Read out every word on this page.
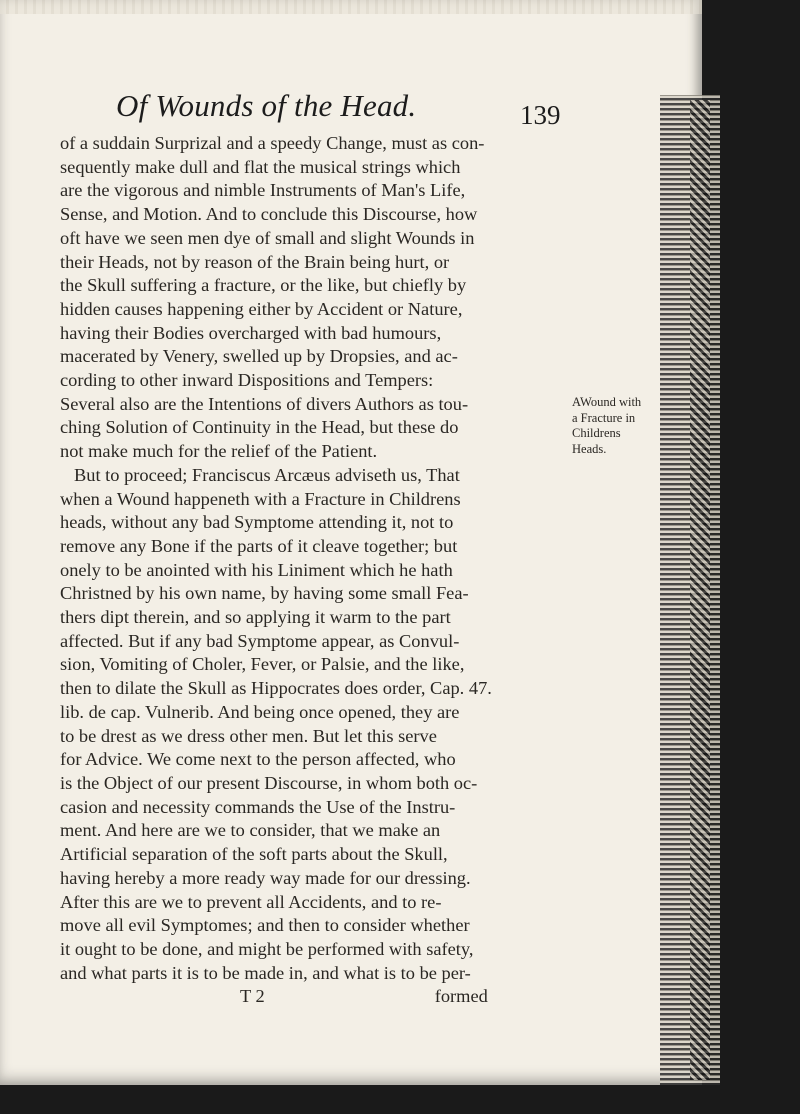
Of Wounds of the Head.	139
AWound with
a Fracture in
Childrens
Heads.
of a suddain Surprizal and a speedy Change, must as con-
sequently make dull and flat the musical strings which
are the vigorous and nimble Instruments of Man's Life,
Sense, and Motion. And to conclude this Discourse, how
oft have we seen men dye of small and slight Wounds in
their Heads, not by reason of the Brain being hurt, or
the Skull suffering a fracture, or the like, but chiefly by
hidden causes happening either by Accident or Nature,
having their Bodies overcharged with bad humours,
macerated by Venery, swelled up by Dropsies, and ac-
cording to other inward Dispositions and Tempers:
Several also are the Intentions of divers Authors as tou-
ching Solution of Continuity in the Head, but these do
not make much for the relief of the Patient.
But to proceed; Franciscus Arcæus adviseth us, That
when a Wound happeneth with a Fracture in Childrens
heads, without any bad Symptome attending it, not to
remove any Bone if the parts of it cleave together; but
onely to be anointed with his Liniment which he hath
Christned by his own name, by having some small Fea-
thers dipt therein, and so applying it warm to the part
affected. But if any bad Symptome appear, as Convul-
sion, Vomiting of Choler, Fever, or Palsie, and the like,
then to dilate the Skull as Hippocrates does order, Cap. 47.
lib. de cap. Vulnerib. And being once opened, they are
to be drest as we dress other men. But let this serve
for Advice. We come next to the person affected, who
is the Object of our present Discourse, in whom both oc-
casion and necessity commands the Use of the Instru-
ment. And here are we to consider, that we make an
Artificial separation of the soft parts about the Skull,
having hereby a more ready way made for our dressing.
After this are we to prevent all Accidents, and to re-
move all evil Symptomes; and then to consider whether
it ought to be done, and might be performed with safety,
and what parts it is to be made in, and what is to be per-
T 2	formed
